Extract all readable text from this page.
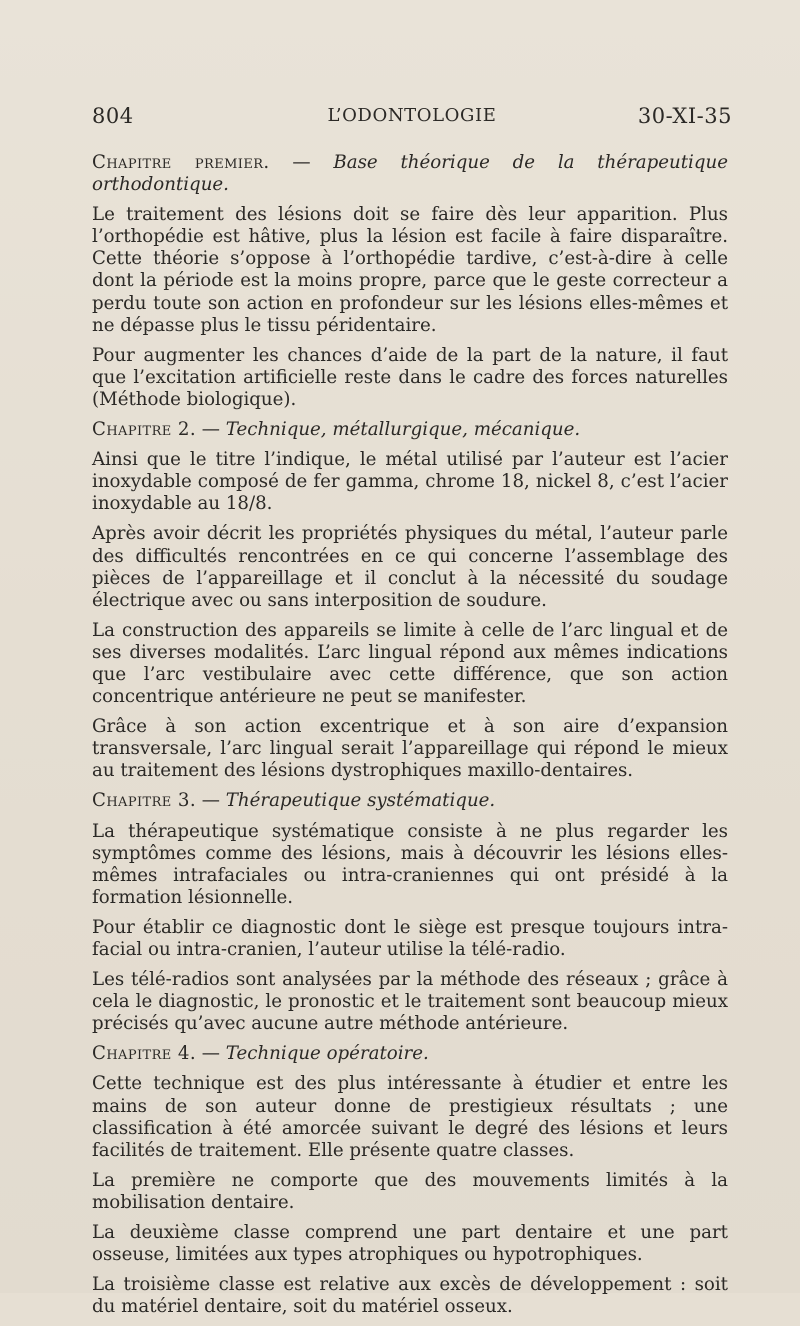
804	L’ODONTOLOGIE	30-XI-35

Chapitre premier. — Base théorique de la thérapeutique orthodontique.

Le traitement des lésions doit se faire dès leur apparition. Plus l’orthopédie est hâtive, plus la lésion est facile à faire disparaître. Cette théorie s’oppose à l’orthopédie tardive, c’est-à-dire à celle dont la période est la moins propre, parce que le geste correcteur a perdu toute son action en profondeur sur les lésions elles-mêmes et ne dépasse plus le tissu péridentaire.

Pour augmenter les chances d’aide de la part de la nature, il faut que l’excitation artificielle reste dans le cadre des forces naturelles (Méthode biologique).

Chapitre 2. — Technique, métallurgique, mécanique.

Ainsi que le titre l’indique, le métal utilisé par l’auteur est l’acier inoxydable composé de fer gamma, chrome 18, nickel 8, c’est l’acier inoxydable au 18/8.

Après avoir décrit les propriétés physiques du métal, l’auteur parle des difficultés rencontrées en ce qui concerne l’assemblage des pièces de l’appareillage et il conclut à la nécessité du soudage électrique avec ou sans interposition de soudure.

La construction des appareils se limite à celle de l’arc lingual et de ses diverses modalités. L’arc lingual répond aux mêmes indications que l’arc vestibulaire avec cette différence, que son action concentrique antérieure ne peut se manifester.

Grâce à son action excentrique et à son aire d’expansion transversale, l’arc lingual serait l’appareillage qui répond le mieux au traitement des lésions dystrophiques maxillo-dentaires.

Chapitre 3. — Thérapeutique systématique.

La thérapeutique systématique consiste à ne plus regarder les symptômes comme des lésions, mais à découvrir les lésions elles-mêmes intrafaciales ou intra-craniennes qui ont présidé à la formation lésionnelle.

Pour établir ce diagnostic dont le siège est presque toujours intra-facial ou intra-cranien, l’auteur utilise la télé-radio.

Les télé-radios sont analysées par la méthode des réseaux ; grâce à cela le diagnostic, le pronostic et le traitement sont beaucoup mieux précisés qu’avec aucune autre méthode antérieure.

Chapitre 4. — Technique opératoire.

Cette technique est des plus intéressante à étudier et entre les mains de son auteur donne de prestigieux résultats ; une classification à été amorcée suivant le degré des lésions et leurs facilités de traitement. Elle présente quatre classes.

La première ne comporte que des mouvements limités à la mobilisation dentaire.

La deuxième classe comprend une part dentaire et une part osseuse, limitées aux types atrophiques ou hypotrophiques.

La troisième classe est relative aux excès de développement : soit du matériel dentaire, soit du matériel osseux.
